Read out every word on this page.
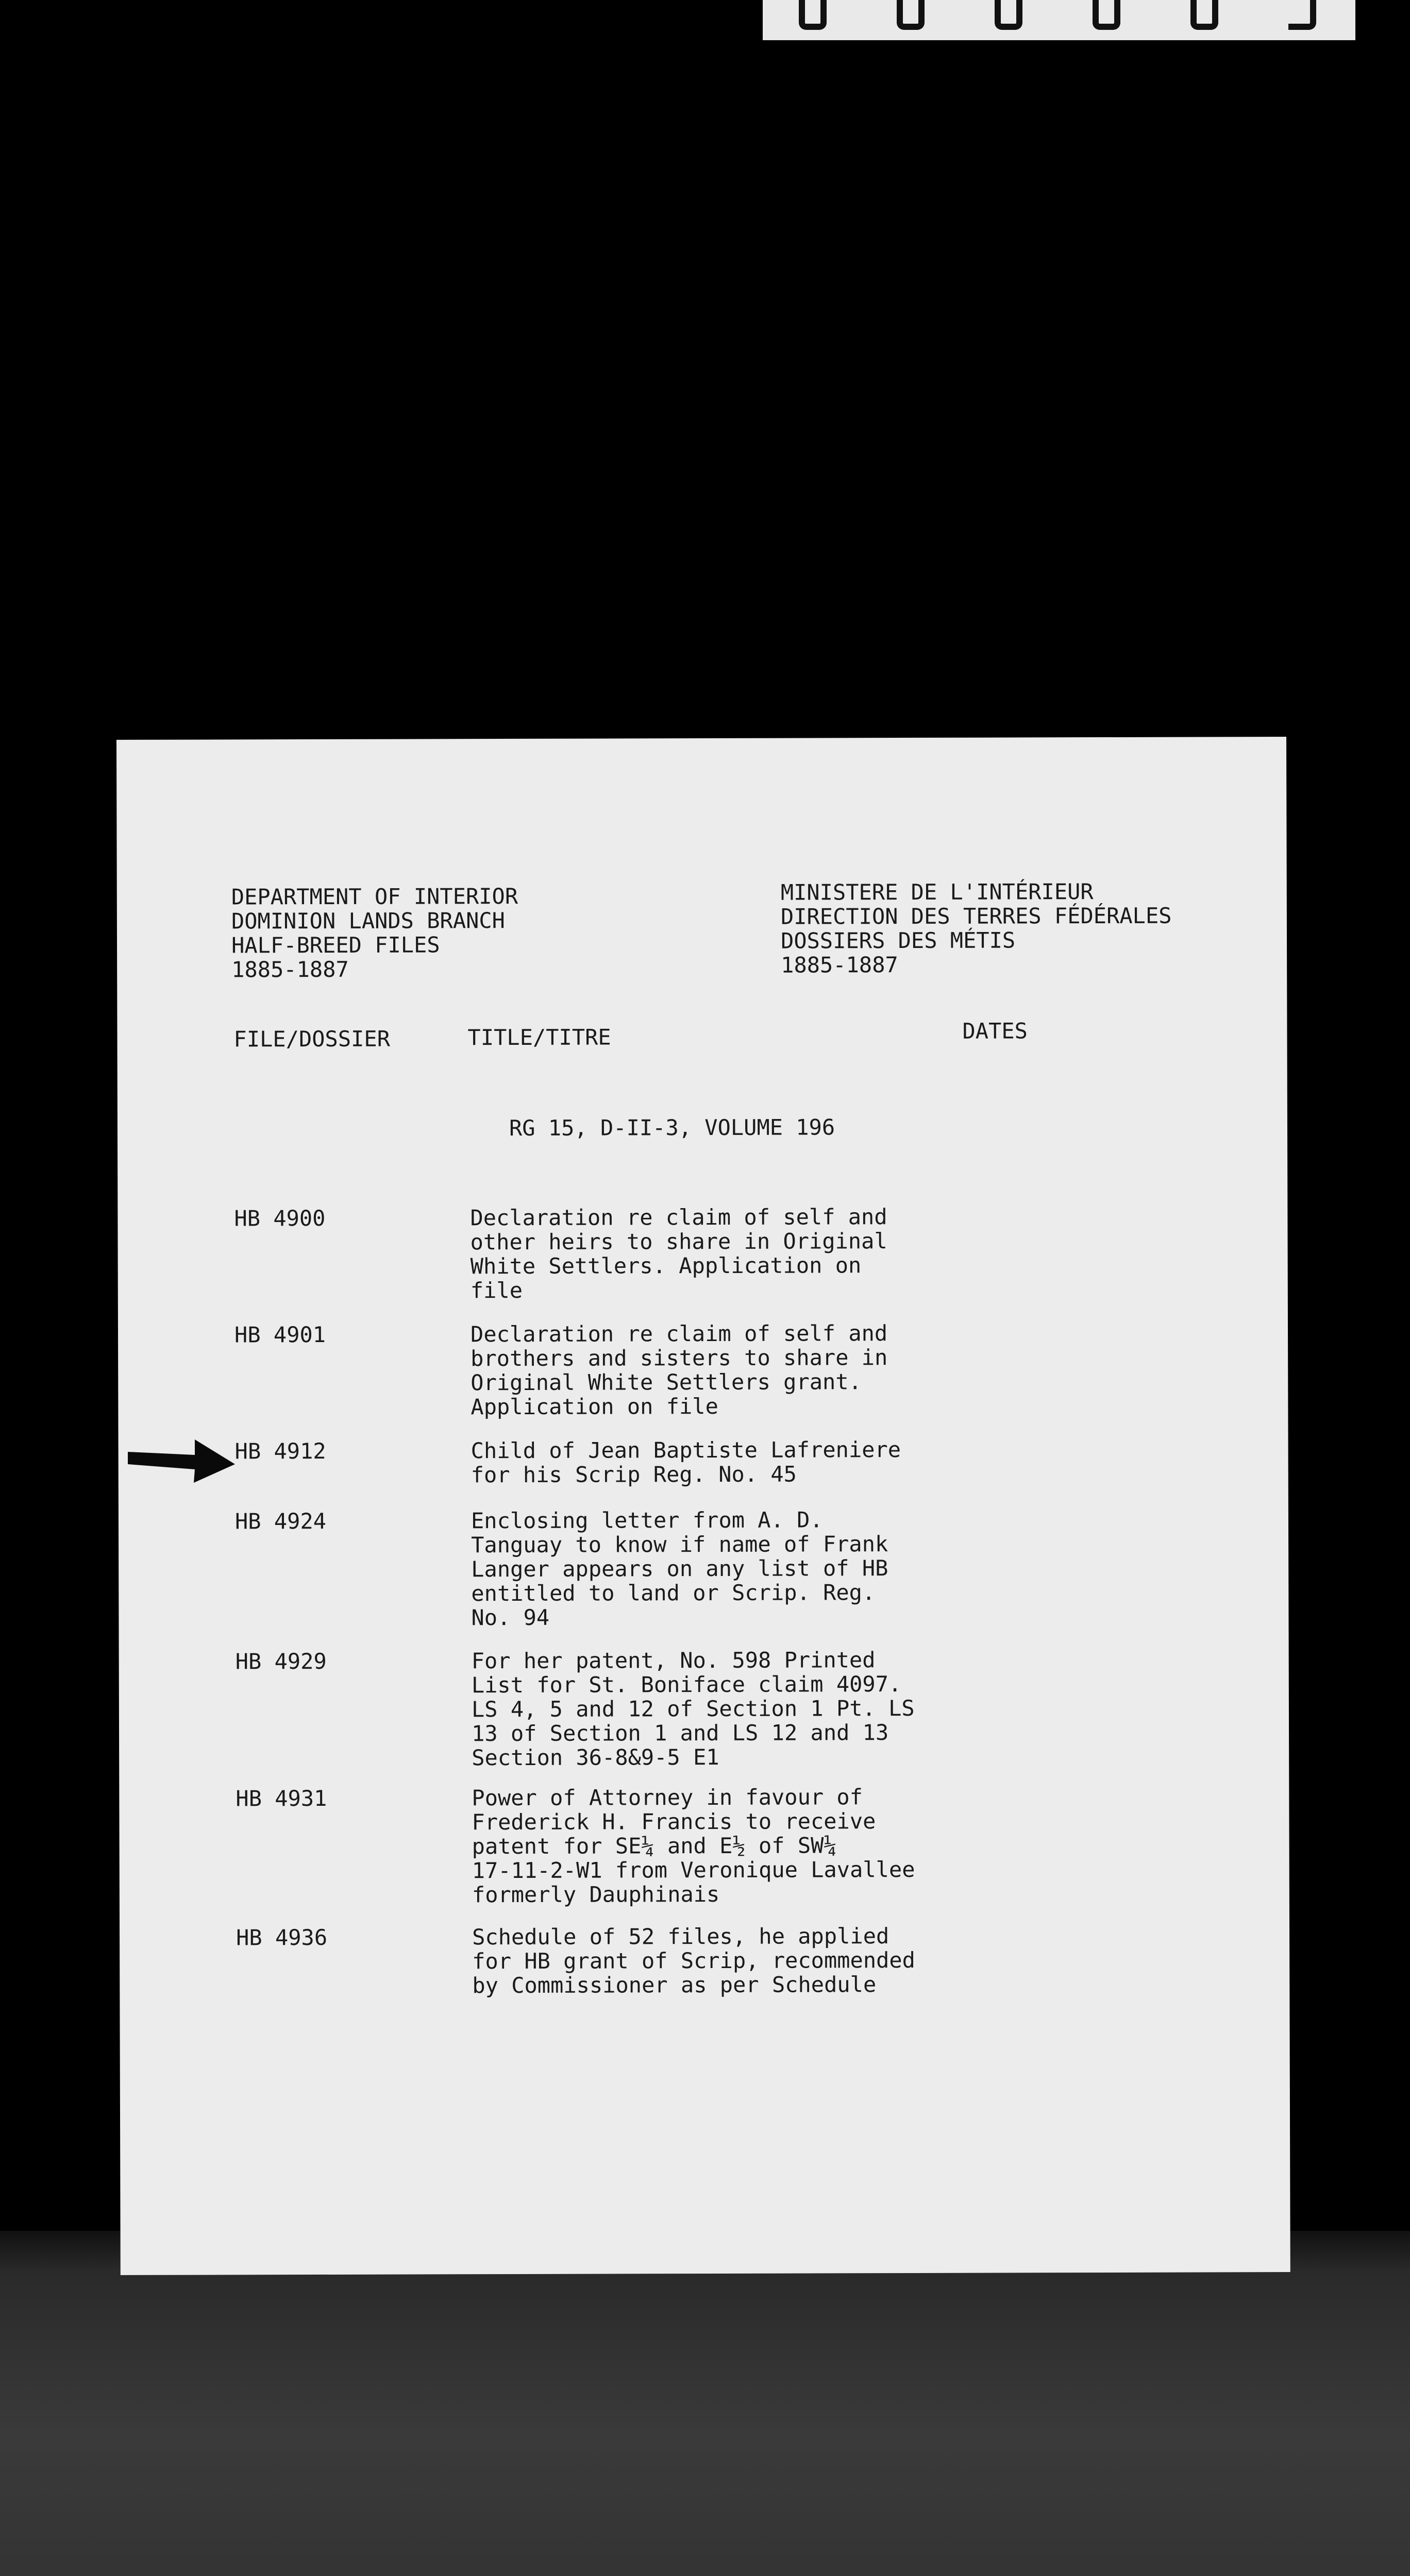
DEPARTMENT OF INTERIOR
DOMINION LANDS BRANCH
HALF-BREED FILES
1885-1887
MINISTERE DE L'INTÉRIEUR
DIRECTION DES TERRES FÉDÉRALES
DOSSIERS DES MÉTIS
1885-1887
FILE/DOSSIER	TITLE/TITRE	DATES
RG 15, D-II-3, VOLUME 196
HB 4900	Declaration re claim of self and
other heirs to share in Original
White Settlers. Application on
file
HB 4901	Declaration re claim of self and
brothers and sisters to share in
Original White Settlers grant.
Application on file
HB 4912	Child of Jean Baptiste Lafreniere
for his Scrip Reg. No. 45
HB 4924	Enclosing letter from A. D.
Tanguay to know if name of Frank
Langer appears on any list of HB
entitled to land or Scrip. Reg.
No. 94
HB 4929	For her patent, No. 598 Printed
List for St. Boniface claim 4097.
LS 4, 5 and 12 of Section 1 Pt. LS
13 of Section 1 and LS 12 and 13
Section 36-8&9-5 E1
HB 4931	Power of Attorney in favour of
Frederick H. Francis to receive
patent for SE¼ and E½ of SW¼
17-11-2-W1 from Veronique Lavallee
formerly Dauphinais
HB 4936	Schedule of 52 files, he applied
for HB grant of Scrip, recommended
by Commissioner as per Schedule
